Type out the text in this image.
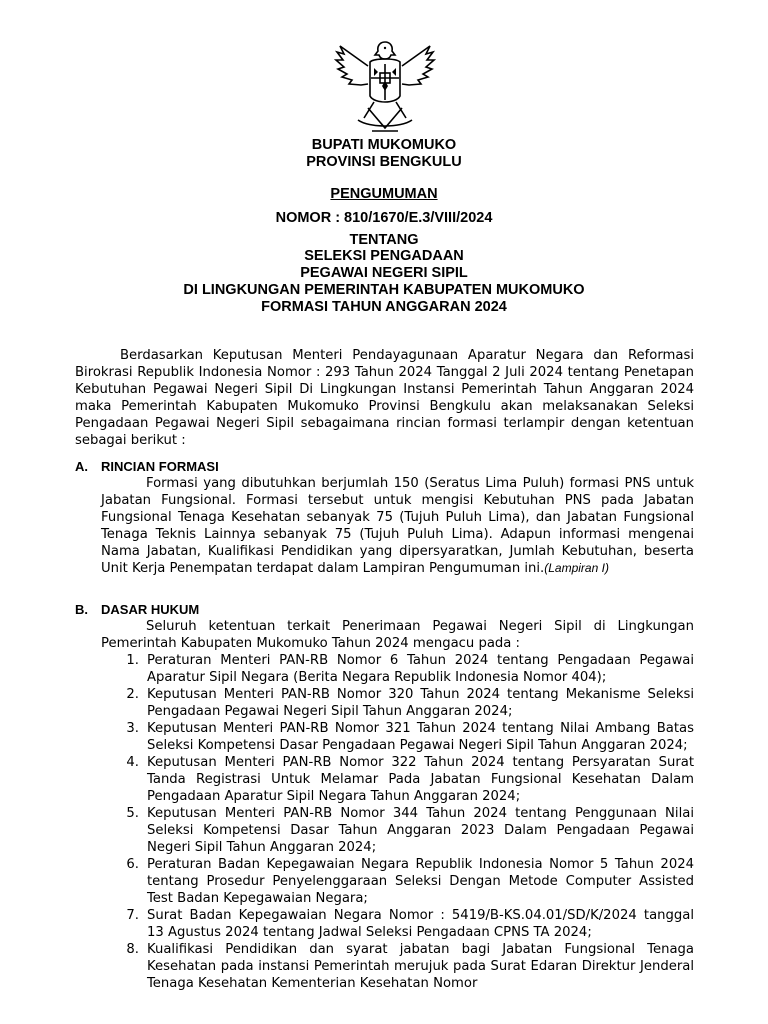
BUPATI MUKOMUKO
PROVINSI BENGKULU
PENGUMUMAN
NOMOR : 810/1670/E.3/VIII/2024
TENTANG
SELEKSI PENGADAAN
PEGAWAI NEGERI SIPIL
DI LINGKUNGAN PEMERINTAH KABUPATEN MUKOMUKO
FORMASI TAHUN ANGGARAN 2024

Berdasarkan Keputusan Menteri Pendayagunaan Aparatur Negara dan Reformasi Birokrasi Republik Indonesia Nomor : 293 Tahun 2024 Tanggal 2 Juli 2024 tentang Penetapan Kebutuhan Pegawai Negeri Sipil Di Lingkungan Instansi Pemerintah Tahun Anggaran 2024 maka Pemerintah Kabupaten Mukomuko Provinsi Bengkulu akan melaksanakan Seleksi Pengadaan Pegawai Negeri Sipil sebagaimana rincian formasi terlampir dengan ketentuan sebagai berikut :

A.	RINCIAN FORMASI

Formasi yang dibutuhkan berjumlah 150 (Seratus Lima Puluh) formasi PNS untuk Jabatan Fungsional. Formasi tersebut untuk mengisi Kebutuhan PNS pada Jabatan Fungsional Tenaga Kesehatan sebanyak 75 (Tujuh Puluh Lima), dan Jabatan Fungsional Tenaga Teknis Lainnya sebanyak 75 (Tujuh Puluh Lima). Adapun informasi mengenai Nama Jabatan, Kualifikasi Pendidikan yang dipersyaratkan, Jumlah Kebutuhan, beserta Unit Kerja Penempatan terdapat dalam Lampiran Pengumuman ini.(Lampiran I)

B.	DASAR HUKUM

Seluruh ketentuan terkait Penerimaan Pegawai Negeri Sipil di Lingkungan Pemerintah Kabupaten Mukomuko Tahun 2024 mengacu pada :

1. Peraturan Menteri PAN-RB Nomor 6 Tahun 2024 tentang Pengadaan Pegawai Aparatur Sipil Negara (Berita Negara Republik Indonesia Nomor 404);
2. Keputusan Menteri PAN-RB Nomor 320 Tahun 2024 tentang Mekanisme Seleksi Pengadaan Pegawai Negeri Sipil Tahun Anggaran 2024;
3. Keputusan Menteri PAN-RB Nomor 321 Tahun 2024 tentang Nilai Ambang Batas Seleksi Kompetensi Dasar Pengadaan Pegawai Negeri Sipil Tahun Anggaran 2024;
4. Keputusan Menteri PAN-RB Nomor 322 Tahun 2024 tentang Persyaratan Surat Tanda Registrasi Untuk Melamar Pada Jabatan Fungsional Kesehatan Dalam Pengadaan Aparatur Sipil Negara Tahun Anggaran 2024;
5. Keputusan Menteri PAN-RB Nomor 344 Tahun 2024 tentang Penggunaan Nilai Seleksi Kompetensi Dasar Tahun Anggaran 2023 Dalam Pengadaan Pegawai Negeri Sipil Tahun Anggaran 2024;
6. Peraturan Badan Kepegawaian Negara Republik Indonesia Nomor 5 Tahun 2024 tentang Prosedur Penyelenggaraan Seleksi Dengan Metode Computer Assisted Test Badan Kepegawaian Negara;
7. Surat Badan Kepegawaian Negara Nomor : 5419/B-KS.04.01/SD/K/2024 tanggal 13 Agustus 2024 tentang Jadwal Seleksi Pengadaan CPNS TA 2024;
8. Kualifikasi Pendidikan dan syarat jabatan bagi Jabatan Fungsional Tenaga Kesehatan pada instansi Pemerintah merujuk pada Surat Edaran Direktur Jenderal Tenaga Kesehatan Kementerian Kesehatan Nomor
